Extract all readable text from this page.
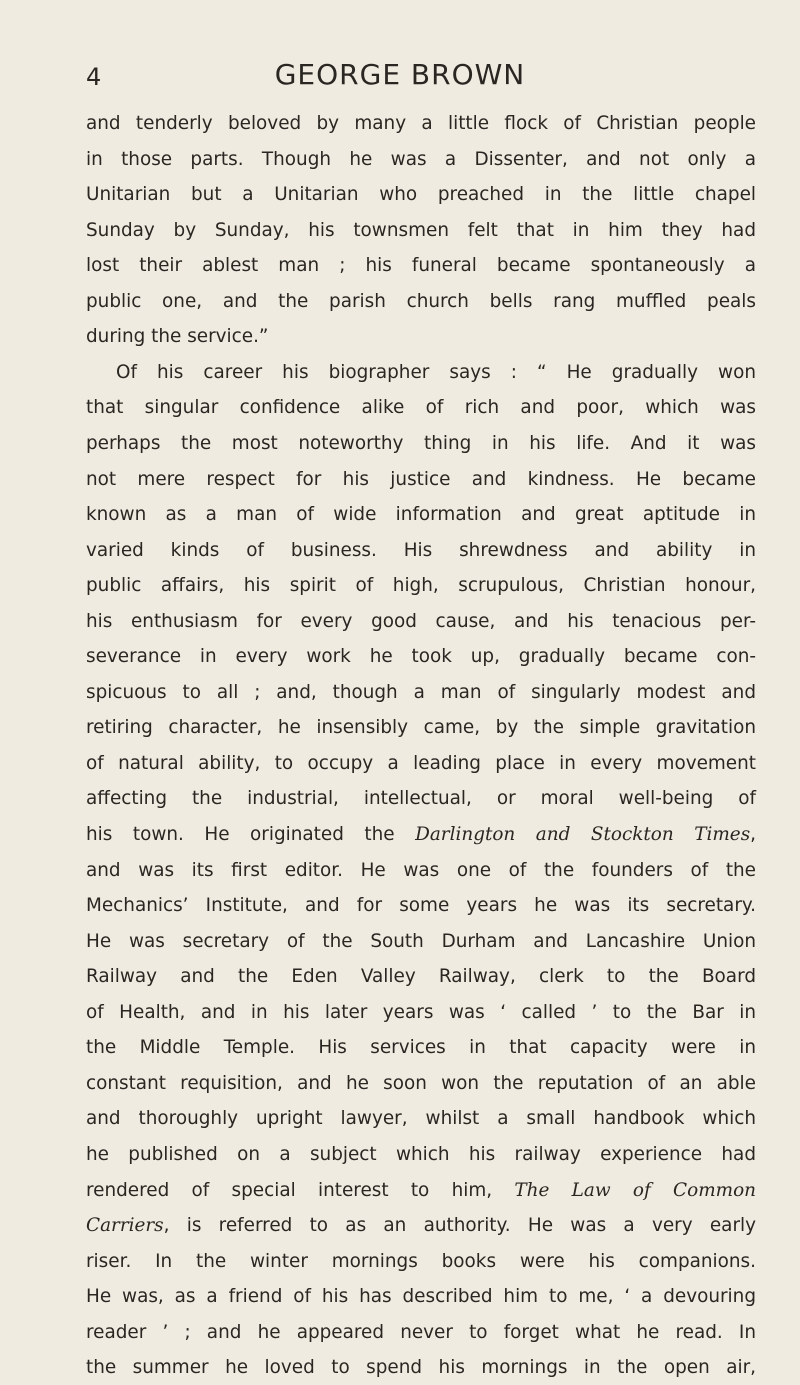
4	GEORGE BROWN
and tenderly beloved by many a little flock of Christian people
in those parts. Though he was a Dissenter, and not only a
Unitarian but a Unitarian who preached in the little chapel
Sunday by Sunday, his townsmen felt that in him they had
lost their ablest man ; his funeral became spontaneously a
public one, and the parish church bells rang muffled peals
during the service.”
Of his career his biographer says : “ He gradually won
that singular confidence alike of rich and poor, which was
perhaps the most noteworthy thing in his life. And it was
not mere respect for his justice and kindness. He became
known as a man of wide information and great aptitude in
varied kinds of business. His shrewdness and ability in
public affairs, his spirit of high, scrupulous, Christian honour,
his enthusiasm for every good cause, and his tenacious per-
severance in every work he took up, gradually became con-
spicuous to all ; and, though a man of singularly modest and
retiring character, he insensibly came, by the simple gravitation
of natural ability, to occupy a leading place in every movement
affecting the industrial, intellectual, or moral well-being of
his town. He originated the Darlington and Stockton Times,
and was its first editor. He was one of the founders of the
Mechanics’ Institute, and for some years he was its secretary.
He was secretary of the South Durham and Lancashire Union
Railway and the Eden Valley Railway, clerk to the Board
of Health, and in his later years was ‘ called ’ to the Bar in
the Middle Temple. His services in that capacity were in
constant requisition, and he soon won the reputation of an able
and thoroughly upright lawyer, whilst a small handbook which
he published on a subject which his railway experience had
rendered of special interest to him, The Law of Common
Carriers, is referred to as an authority. He was a very early
riser. In the winter mornings books were his companions.
He was, as a friend of his has described him to me, ‘ a devouring
reader ’ ; and he appeared never to forget what he read. In
the summer he loved to spend his mornings in the open air,
